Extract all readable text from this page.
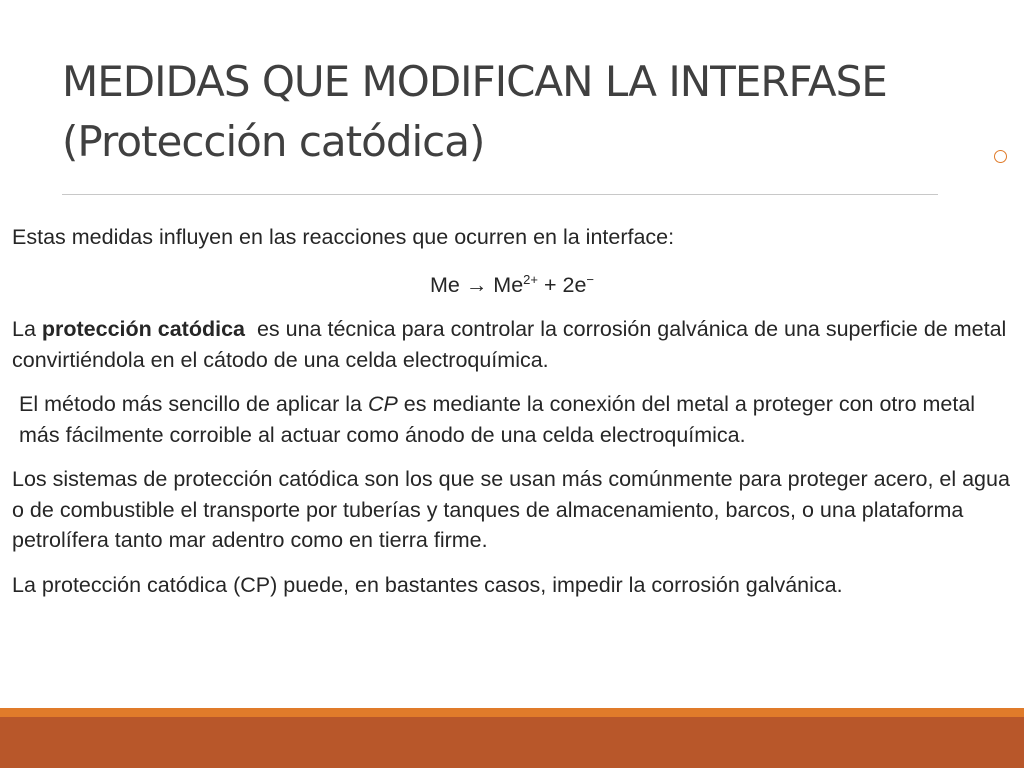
MEDIDAS QUE MODIFICAN LA INTERFASE
(Protección catódica)

Estas medidas influyen en las reacciones que ocurren en la interface:

$Me \to Me^{2+} + 2e^-$

La protección catódica  es una técnica para controlar la corrosión galvánica de una superficie de metal convirtiéndola en el cátodo de una celda electroquímica.

El método más sencillo de aplicar la CP es mediante la conexión del metal a proteger con otro metal más fácilmente corroible al actuar como ánodo de una celda electroquímica.

Los sistemas de protección catódica son los que se usan más comúnmente para proteger acero, el agua o de combustible el transporte por tuberías y tanques de almacenamiento, barcos, o una plataforma petrolífera tanto mar adentro como en tierra firme.

La protección catódica (CP) puede, en bastantes casos, impedir la corrosión galvánica.
